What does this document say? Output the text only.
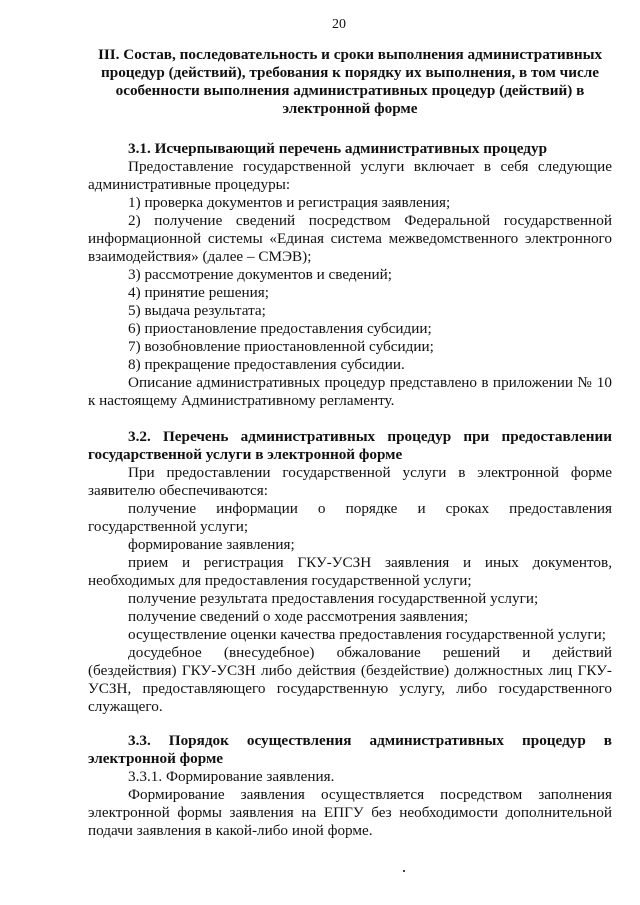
20
III. Состав, последовательность и сроки выполнения административных процедур (действий), требования к порядку их выполнения, в том числе особенности выполнения административных процедур (действий) в электронной форме
3.1. Исчерпывающий перечень административных процедур

Предоставление государственной услуги включает в себя следующие административные процедуры:

1) проверка документов и регистрация заявления;

2) получение сведений посредством Федеральной государственной информационной системы «Единая система межведомственного электронного взаимодействия» (далее – СМЭВ);

3) рассмотрение документов и сведений;

4) принятие решения;

5) выдача результата;

6) приостановление предоставления субсидии;

7) возобновление приостановленной субсидии;

8) прекращение предоставления субсидии.

Описание административных процедур представлено в приложении № 10 к настоящему Административному регламенту.

3.2. Перечень административных процедур при предоставлении государственной услуги в электронной форме

При предоставлении государственной услуги в электронной форме заявителю обеспечиваются:

получение информации о порядке и сроках предоставления государственной услуги;

формирование заявления;

прием и регистрация ГКУ-УСЗН заявления и иных документов, необходимых для предоставления государственной услуги;

получение результата предоставления государственной услуги;

получение сведений о ходе рассмотрения заявления;

осуществление оценки качества предоставления государственной услуги;

досудебное (внесудебное) обжалование решений и действий (бездействия) ГКУ-УСЗН либо действия (бездействие) должностных лиц ГКУ-УСЗН, предоставляющего государственную услугу, либо государственного служащего.

3.3. Порядок осуществления административных процедур в электронной форме

3.3.1. Формирование заявления.

Формирование заявления осуществляется посредством заполнения электронной формы заявления на ЕПГУ без необходимости дополнительной подачи заявления в какой-либо иной форме.
